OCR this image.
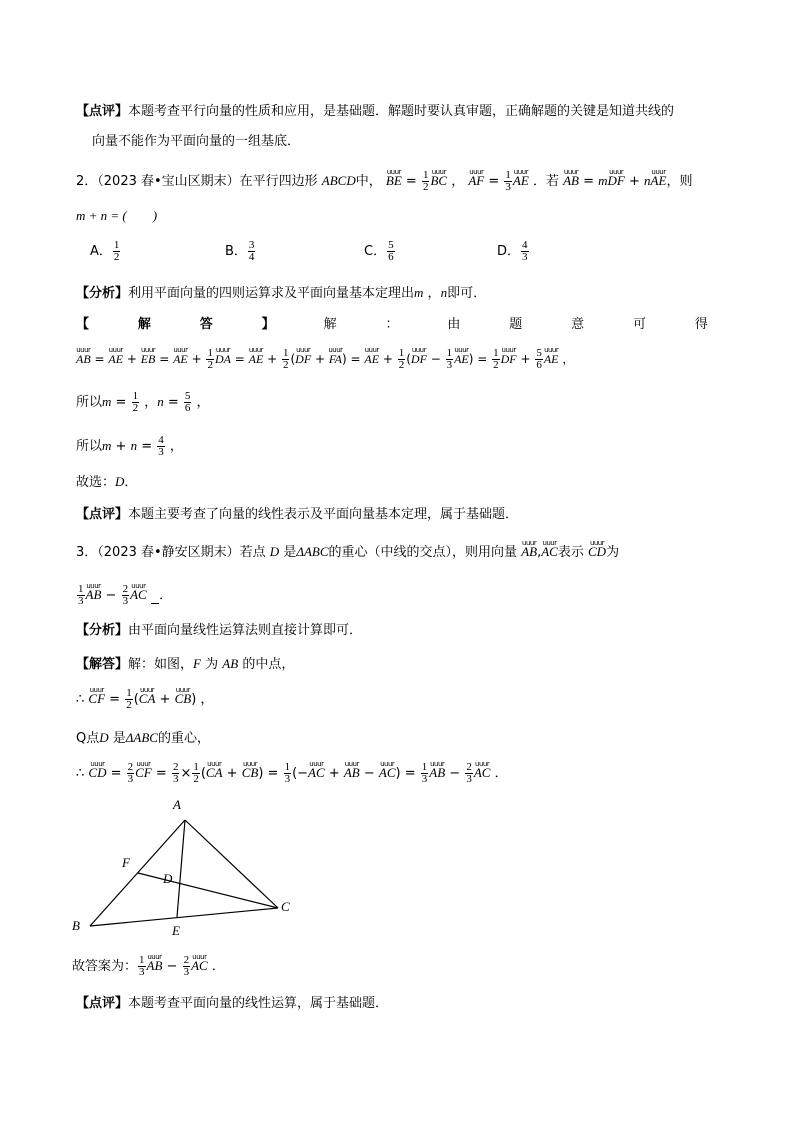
【点评】本题考查平行向量的性质和应用，是基础题．解题时要认真审题，正确解题的关键是知道共线的
向量不能作为平面向量的一组基底．
2．（2023 春•宝山区期末）在平行四边形 ABCD中， uuur BE = $\frac{1}{2}$ uuur BC ， uuur AF = $\frac{1}{3}$ uuur AE ．若 uuur AB = muuur DF + nuuur AE，则
m + n = (　　)
A． $\frac{1}{2}$	B． $\frac{3}{4}$	C． $\frac{5}{6}$	D． $\frac{4}{3}$
【分析】利用平面向量的四则运算求及平面向量基本定理出m ，n即可．
【	解	答	】	解	：	由	题	意	可	得
uuur AB = uuur AE + uuur EB = uuur AE + $\frac{1}{2}$ uuur DA = uuur AE + $\frac{1}{2}$ (uuur DF + uuur FA) = uuur AE + $\frac{1}{2}$ (uuur DF − $\frac{1}{3}$ uuur $AE) = \frac{1}{2}$ uuur DF + $\frac{5}{6}$ uuur AE ，
所以$m = \frac{1}{2}$ ，$n = \frac{5}{6}$ ，
所以$m + n = \frac{4}{3}$ ，
故选：D．
【点评】本题主要考查了向量的线性表示及平面向量基本定理，属于基础题．
3．（2023 春•静安区期末）若点 D 是ΔABC的重心（中线的交点），则用向量 uuur AB,uuur AC表示 uuur CD为
$\frac{1}{3}$ uuur AB − $\frac{2}{3}$ uuur AC ．
【分析】由平面向量线性运算法则直接计算即可．
【解答】解：如图，F 为 AB 的中点，
∴ uuur CF = $\frac{1}{2}$ (uuur CA + uuur CB) ，
Q点D 是ΔABC的重心，
∴ uuur CD = $\frac{2}{3}$ uuur CF = $\frac{2}{3} \times \frac{1}{2}$ (uuur CA + uuur $CB) = \frac{1}{3}$ (−uuur AC + uuur AB − uuur $AC) = \frac{1}{3}$ uuur AB − $\frac{2}{3}$ uuur AC ．
A
B
C
D
E
F
故答案为： $\frac{1}{3}$ uuur AB − $\frac{2}{3}$ uuur AC ．
【点评】本题考查平面向量的线性运算，属于基础题．
